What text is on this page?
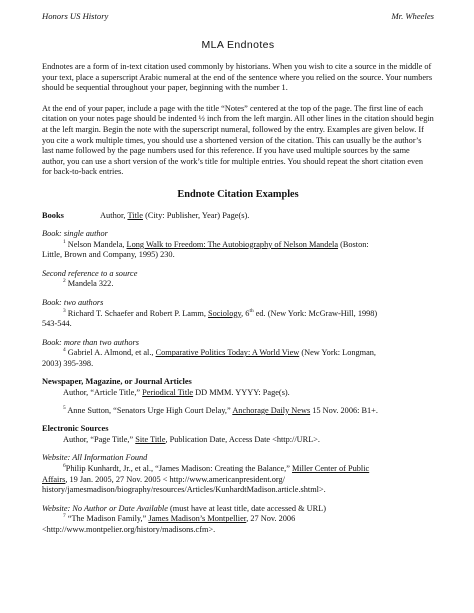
Honors US History	Mr. Wheeles
MLA Endnotes

Endnotes are a form of in-text citation used commonly by historians. When you wish to cite a source in the middle of your text, place a superscript Arabic numeral at the end of the sentence where you relied on the source. Your numbers should be sequential throughout your paper, beginning with the number 1.

At the end of your paper, include a page with the title “Notes” centered at the top of the page. The first line of each citation on your notes page should be indented ½ inch from the left margin. All other lines in the citation should begin at the left margin. Begin the note with the superscript numeral, followed by the entry. Examples are given below. If you cite a work multiple times, you should use a shortened version of the citation. This can usually be the author’s last name followed by the page numbers used for this reference. If you have used multiple sources by the same author, you can use a short version of the work’s title for multiple entries. You should repeat the short citation even for back-to-back entries.

Endnote Citation Examples
Books	Author, Title (City: Publisher, Year) Page(s).
Book: single author
$^1$ Nelson Mandela, Long Walk to Freedom: The Autobiography of Nelson Mandela (Boston:
Little, Brown and Company, 1995) 230.
Second reference to a source
$^2$ Mandela 322.
Book: two authors
$^3$ Richard T. Schaefer and Robert P. Lamm, Sociology, 6th ed. (New York: McGraw-Hill, 1998)
543-544.
Book: more than two authors
$^4$ Gabriel A. Almond, et al., Comparative Politics Today: A World View (New York: Longman,
2003) 395-398.
Newspaper, Magazine, or Journal Articles
Author, “Article Title,” Periodical Title DD MMM. YYYY: Page(s).
$^5$ Anne Sutton, “Senators Urge High Court Delay,” Anchorage Daily News 15 Nov. 2006: B1+.
Electronic Sources
Author, “Page Title,” Site Title, Publication Date, Access Date <http://URL>.
Website: All Information Found
$^6$Philip Kunhardt, Jr., et al., “James Madison: Creating the Balance,” Miller Center of Public
Affairs, 19 Jan. 2005, 27 Nov. 2005 < http://www.americanpresident.org/
history/jamesmadison/biography/resources/Articles/KunhardtMadison.article.shtml>.
Website: No Author or Date Available (must have at least title, date accessed & URL)
$^7$ “The Madison Family,” James Madison’s Montpellier, 27 Nov. 2006
<http://www.montpelier.org/history/madisons.cfm>.
